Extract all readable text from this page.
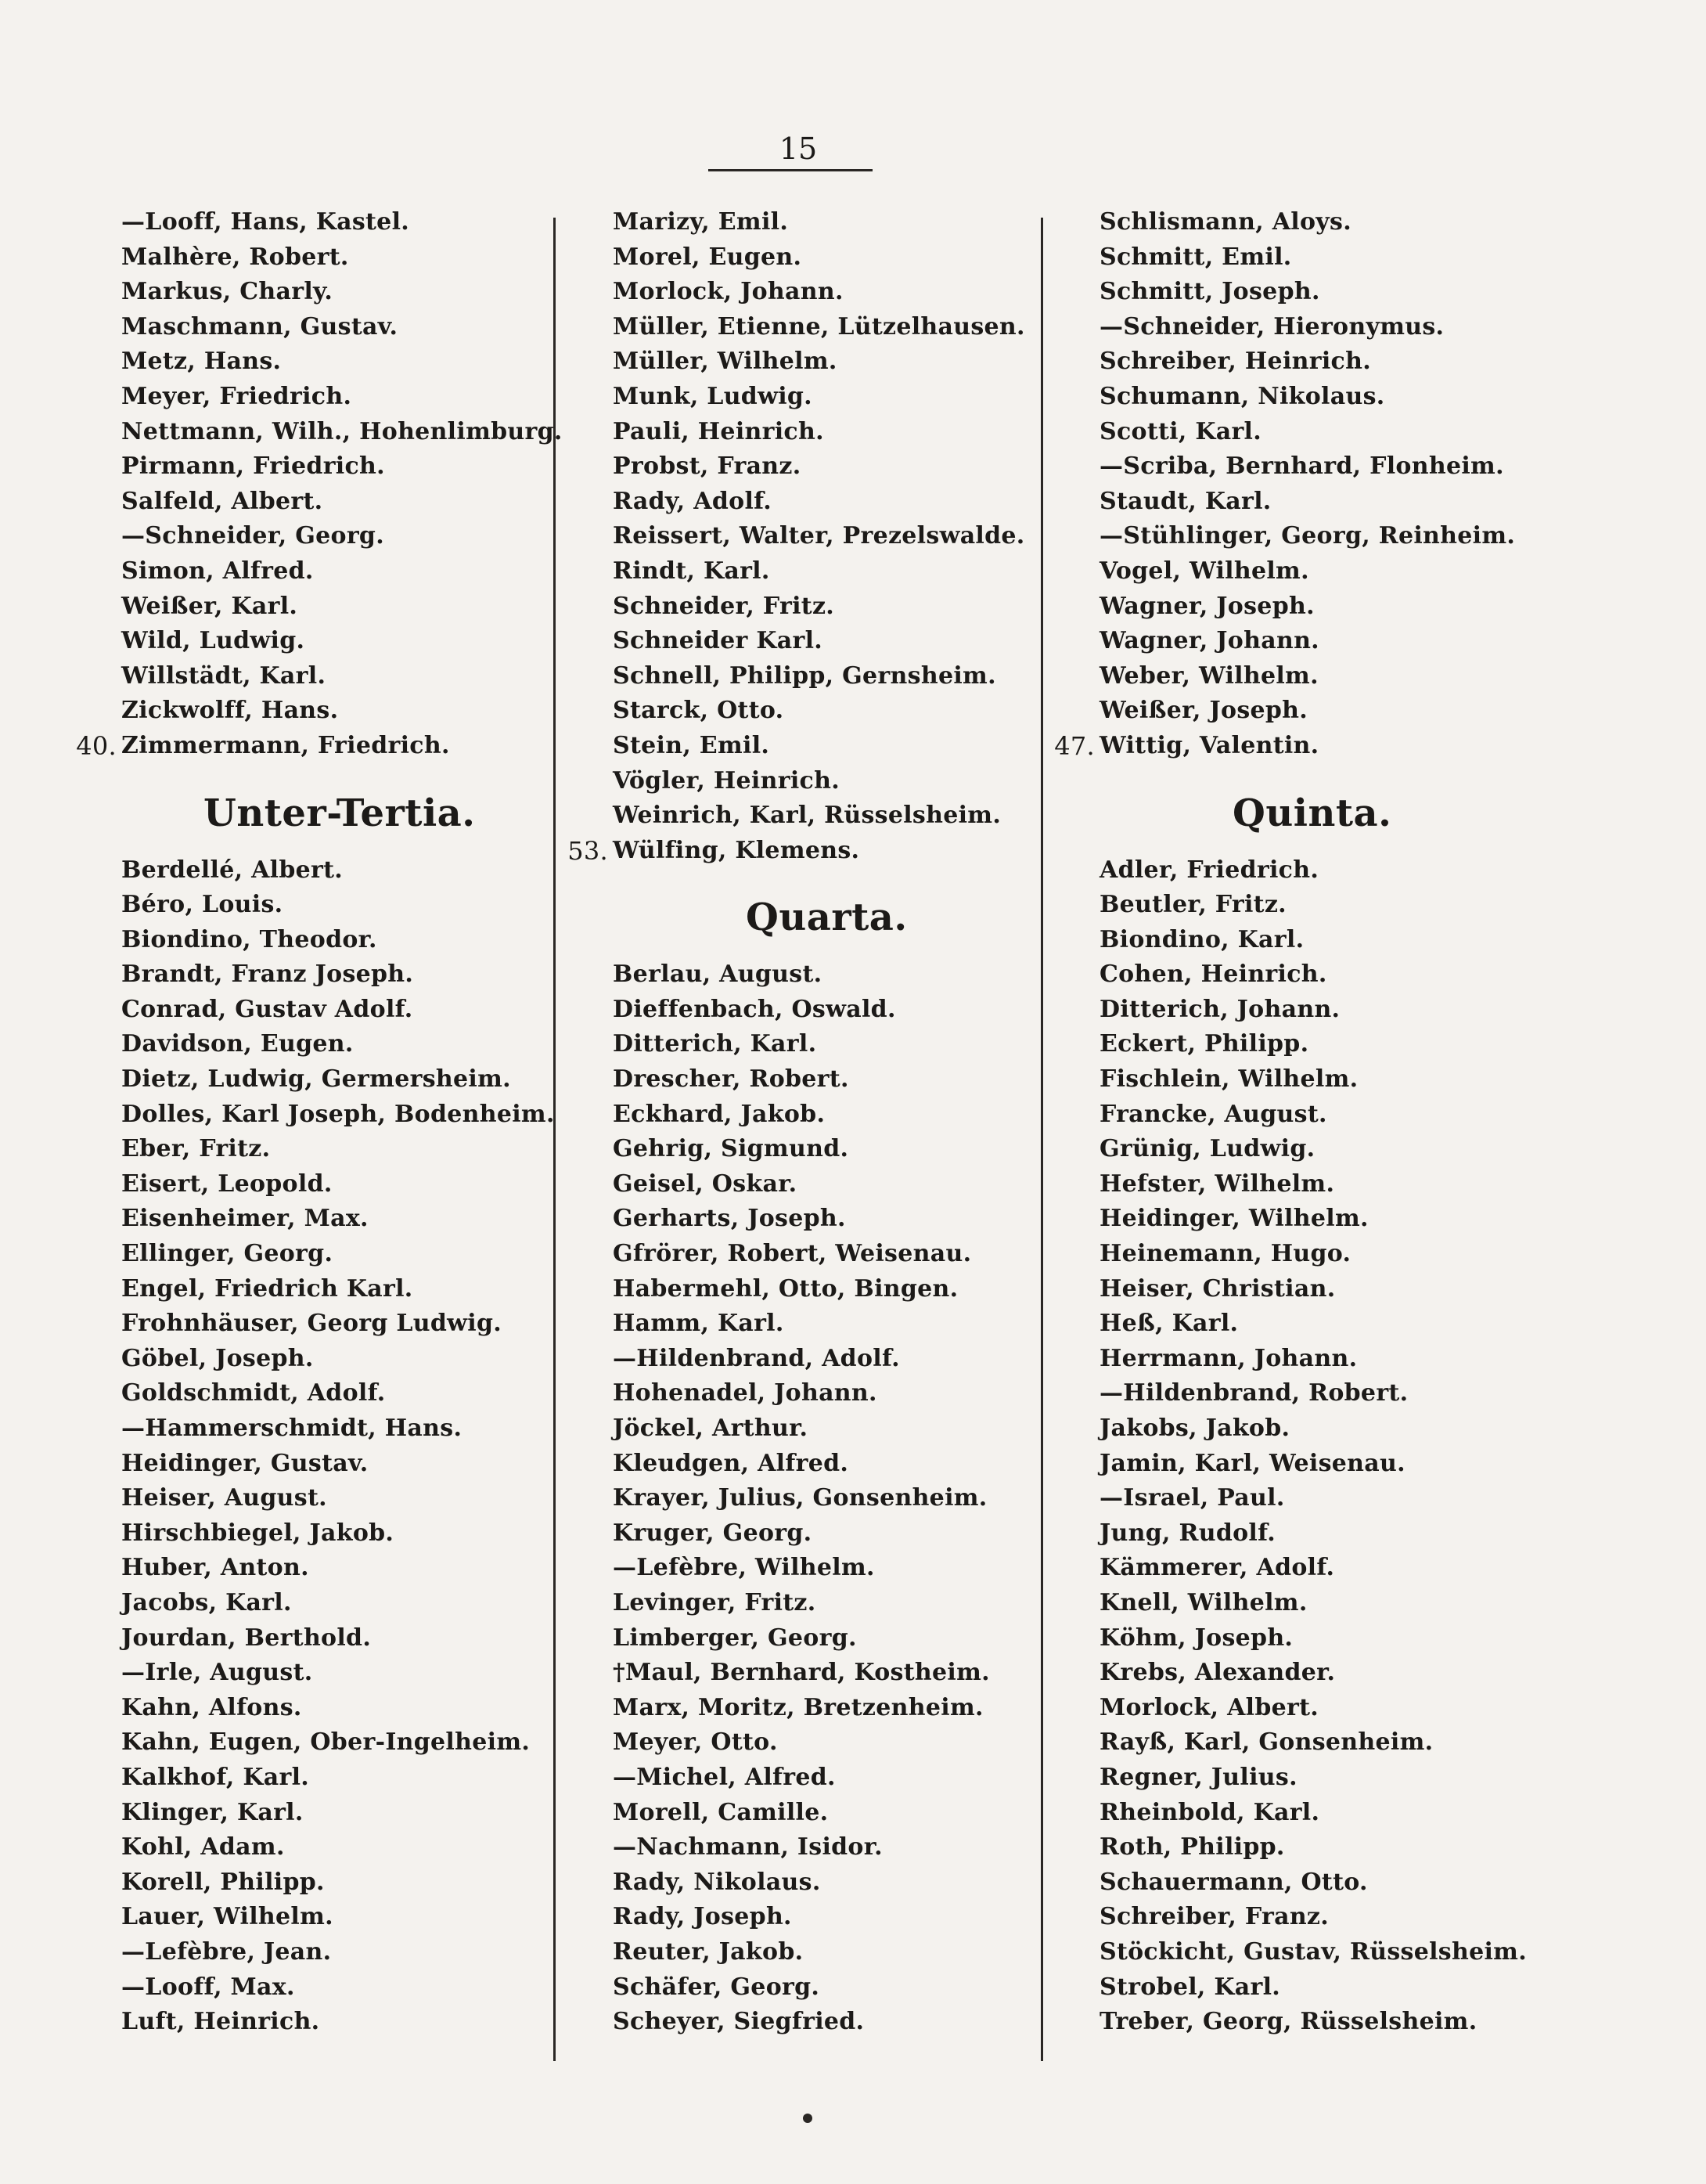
15
—Looff, Hans, Kastel.
Malhère, Robert.
Markus, Charly.
Maschmann, Gustav.
Metz, Hans.
Meyer, Friedrich.
Nettmann, Wilh., Hohenlimburg.
Pirmann, Friedrich.
Salfeld, Albert.
—Schneider, Georg.
Simon, Alfred.
Weißer, Karl.
Wild, Ludwig.
Willstädt, Karl.
Zickwolff, Hans.
40. Zimmermann, Friedrich.
Unter-Tertia.
Berdellé, Albert.
Béro, Louis.
Biondino, Theodor.
Brandt, Franz Joseph.
Conrad, Gustav Adolf.
Davidson, Eugen.
Dietz, Ludwig, Germersheim.
Dolles, Karl Joseph, Bodenheim.
Eber, Fritz.
Eisert, Leopold.
Eisenheimer, Max.
Ellinger, Georg.
Engel, Friedrich Karl.
Frohnhäuser, Georg Ludwig.
Göbel, Joseph.
Goldschmidt, Adolf.
—Hammerschmidt, Hans.
Heidinger, Gustav.
Heiser, August.
Hirschbiegel, Jakob.
Huber, Anton.
Jacobs, Karl.
Jourdan, Berthold.
—Irle, August.
Kahn, Alfons.
Kahn, Eugen, Ober-Ingelheim.
Kalkhof, Karl.
Klinger, Karl.
Kohl, Adam.
Korell, Philipp.
Lauer, Wilhelm.
—Lefèbre, Jean.
—Looff, Max.
Luft, Heinrich.
Marizy, Emil.
Morel, Eugen.
Morlock, Johann.
Müller, Etienne, Lützelhausen.
Müller, Wilhelm.
Munk, Ludwig.
Pauli, Heinrich.
Probst, Franz.
Rady, Adolf.
Reissert, Walter, Prezelswalde.
Rindt, Karl.
Schneider, Fritz.
Schneider Karl.
Schnell, Philipp, Gernsheim.
Starck, Otto.
Stein, Emil.
Vögler, Heinrich.
Weinrich, Karl, Rüsselsheim.
53. Wülfing, Klemens.
Quarta.
Berlau, August.
Dieffenbach, Oswald.
Ditterich, Karl.
Drescher, Robert.
Eckhard, Jakob.
Gehrig, Sigmund.
Geisel, Oskar.
Gerharts, Joseph.
Gfrörer, Robert, Weisenau.
Habermehl, Otto, Bingen.
Hamm, Karl.
—Hildenbrand, Adolf.
Hohenadel, Johann.
Jöckel, Arthur.
Kleudgen, Alfred.
Krayer, Julius, Gonsenheim.
Kruger, Georg.
—Lefèbre, Wilhelm.
Levinger, Fritz.
Limberger, Georg.
†Maul, Bernhard, Kostheim.
Marx, Moritz, Bretzenheim.
Meyer, Otto.
—Michel, Alfred.
Morell, Camille.
—Nachmann, Isidor.
Rady, Nikolaus.
Rady, Joseph.
Reuter, Jakob.
Schäfer, Georg.
Scheyer, Siegfried.
Schlismann, Aloys.
Schmitt, Emil.
Schmitt, Joseph.
—Schneider, Hieronymus.
Schreiber, Heinrich.
Schumann, Nikolaus.
Scotti, Karl.
—Scriba, Bernhard, Flonheim.
Staudt, Karl.
—Stühlinger, Georg, Reinheim.
Vogel, Wilhelm.
Wagner, Joseph.
Wagner, Johann.
Weber, Wilhelm.
Weißer, Joseph.
47. Wittig, Valentin.
Quinta.
Adler, Friedrich.
Beutler, Fritz.
Biondino, Karl.
Cohen, Heinrich.
Ditterich, Johann.
Eckert, Philipp.
Fischlein, Wilhelm.
Francke, August.
Grünig, Ludwig.
Hefster, Wilhelm.
Heidinger, Wilhelm.
Heinemann, Hugo.
Heiser, Christian.
Heß, Karl.
Herrmann, Johann.
—Hildenbrand, Robert.
Jakobs, Jakob.
Jamin, Karl, Weisenau.
—Israel, Paul.
Jung, Rudolf.
Kämmerer, Adolf.
Knell, Wilhelm.
Köhm, Joseph.
Krebs, Alexander.
Morlock, Albert.
Rayß, Karl, Gonsenheim.
Regner, Julius.
Rheinbold, Karl.
Roth, Philipp.
Schauermann, Otto.
Schreiber, Franz.
Stöckicht, Gustav, Rüsselsheim.
Strobel, Karl.
Treber, Georg, Rüsselsheim.
